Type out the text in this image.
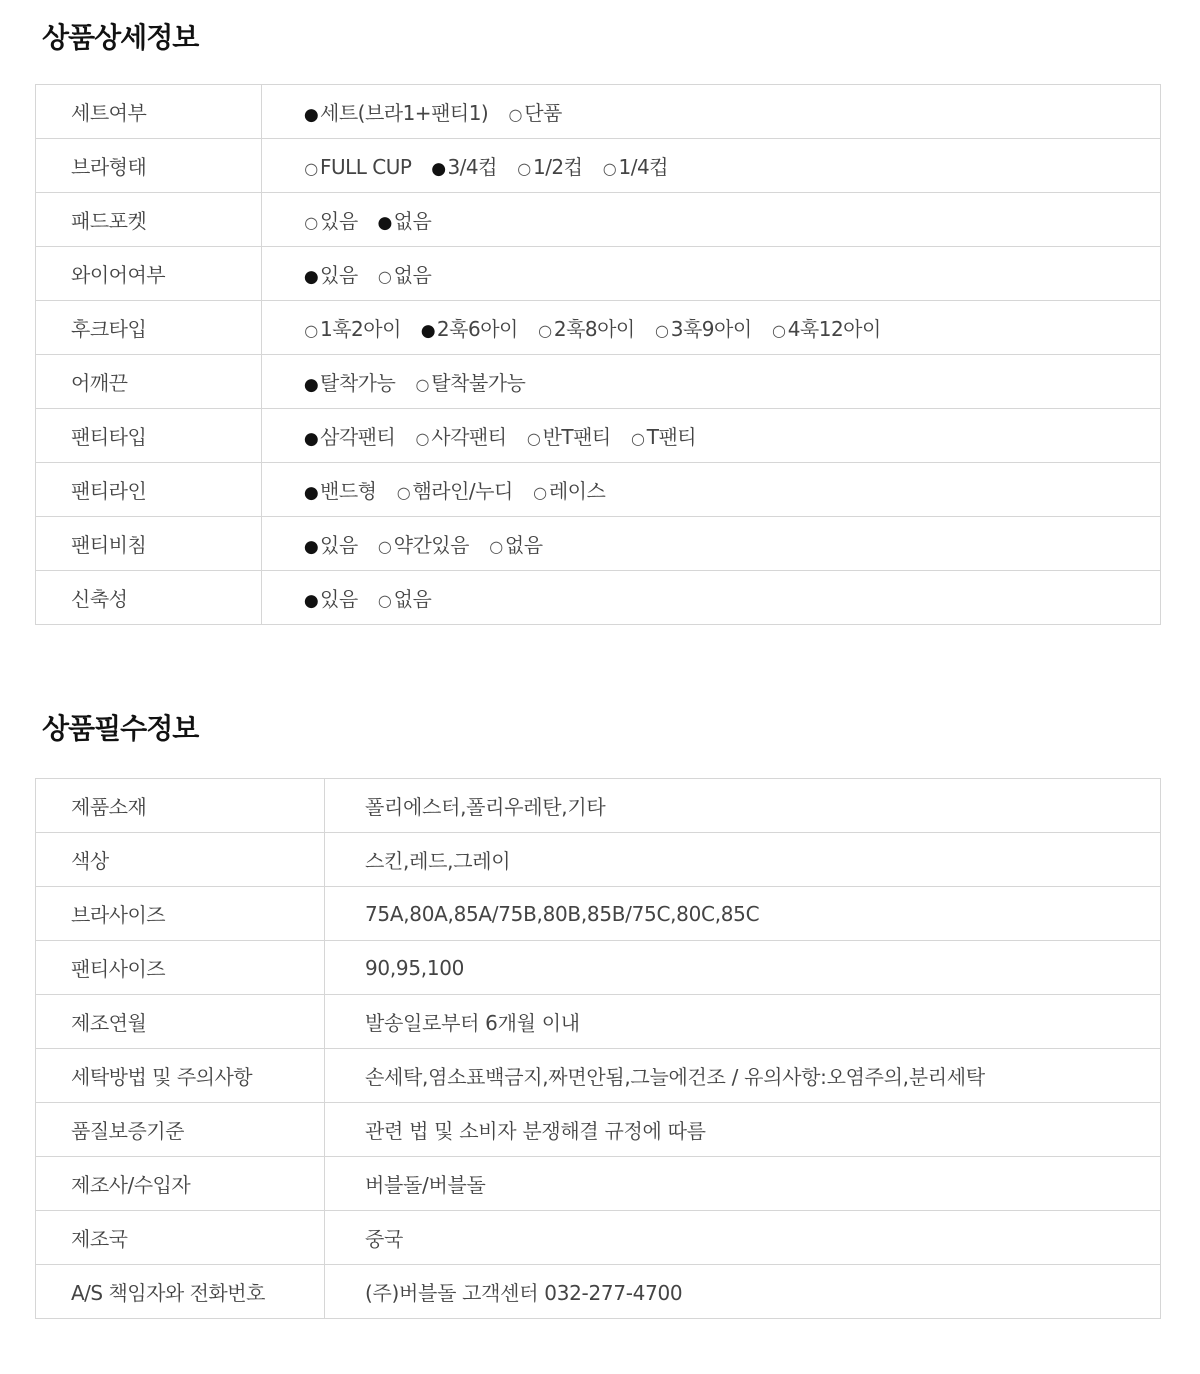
상품상세정보
세트여부	●세트(브라1+팬티1) ○ 단품
브라형태	○ FULL CUP ●3/4컵 ○ 1/2컵 ○ 1/4컵
패드포켓	○ 있음 ●없음
와이어여부	●있음 ○ 없음
후크타입	○ 1훅2아이 ●2훅6아이 ○ 2훅8아이 ○ 3훅9아이 ○ 4훅12아이
어깨끈	●탈착가능 ○ 탈착불가능
팬티타입	●삼각팬티 ○ 사각팬티 ○ 반T팬티 ○ T팬티
팬티라인	●밴드형 ○ 햄라인/누디 ○ 레이스
팬티비침	●있음 ○ 약간있음 ○ 없음
신축성	●있음 ○ 없음
상품필수정보
제품소재	폴리에스터,폴리우레탄,기타
색상	스킨,레드,그레이
브라사이즈	75A,80A,85A/75B,80B,85B/75C,80C,85C
팬티사이즈	90,95,100
제조연월	발송일로부터 6개월 이내
세탁방법 및 주의사항	손세탁,염소표백금지,짜면안됨,그늘에건조 / 유의사항:오염주의,분리세탁
품질보증기준	관련 법 및 소비자 분쟁해결 규정에 따름
제조사/수입자	버블돌/버블돌
제조국	중국
A/S 책임자와 전화번호	(주)버블돌 고객센터 032-277-4700
